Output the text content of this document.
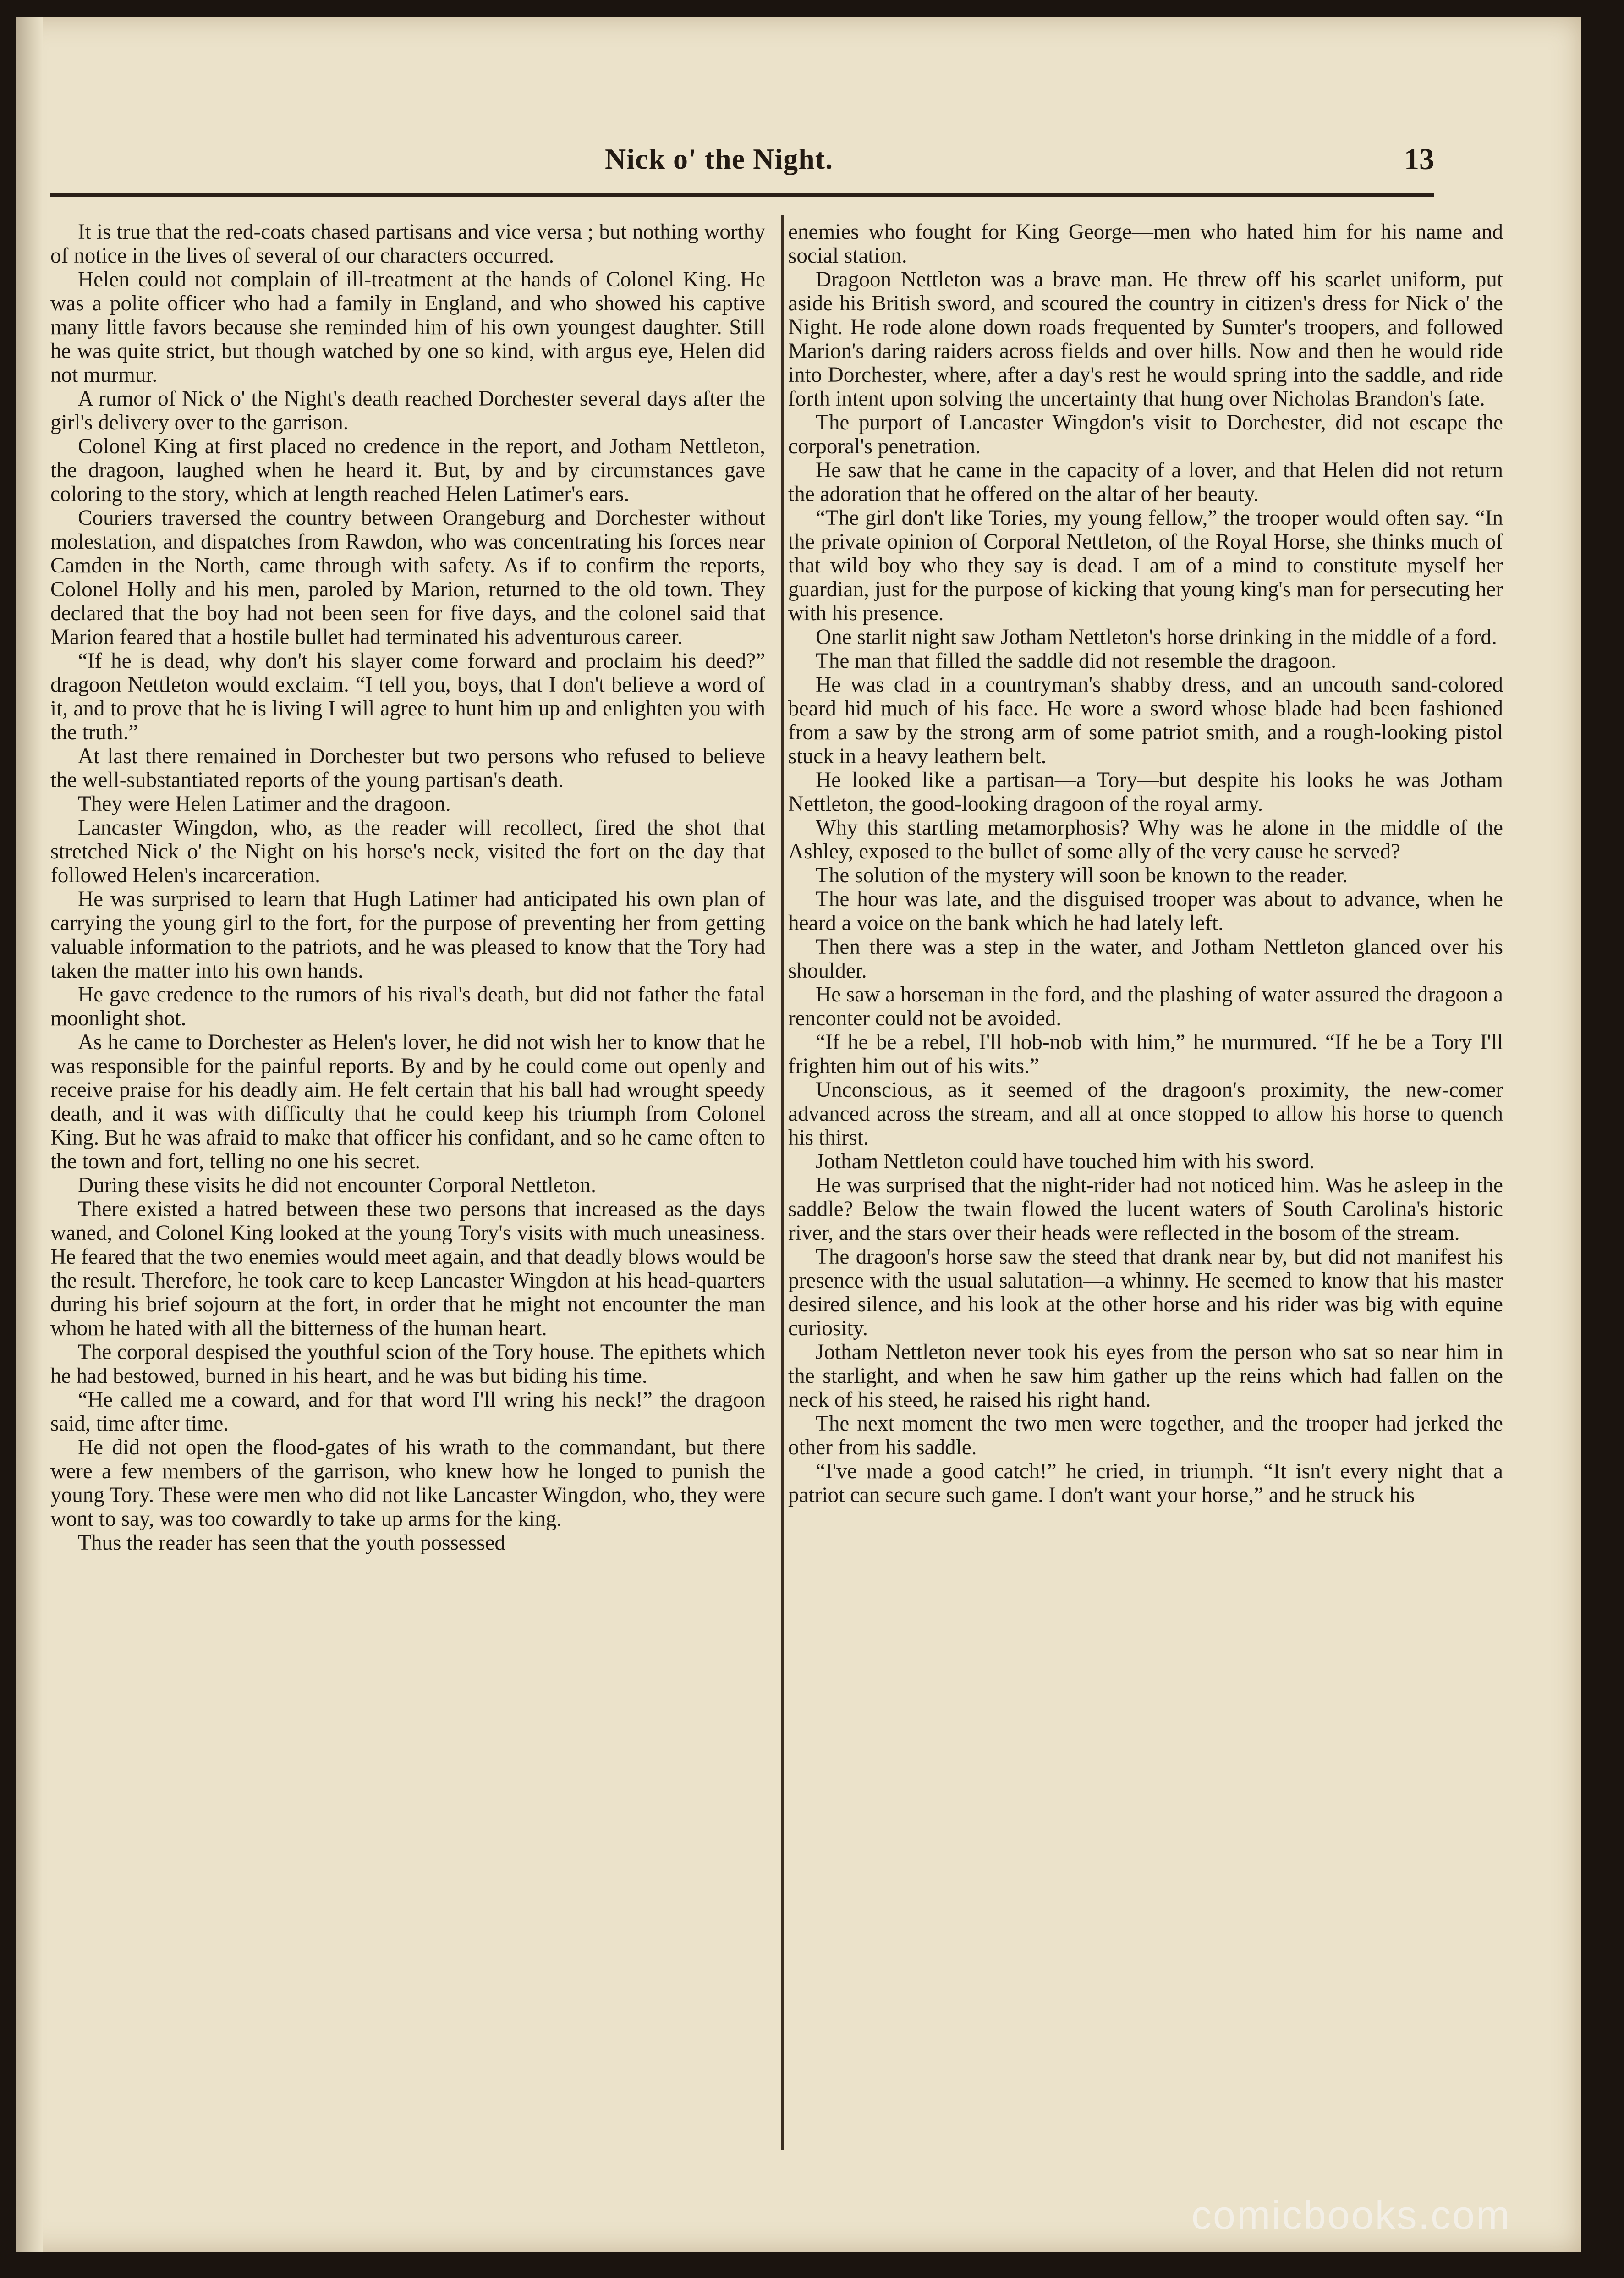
Nick o' the Night.	13

It is true that the red-coats chased partisans and vice versa ; but nothing worthy of notice in the lives of several of our characters occurred.

Helen could not complain of ill-treatment at the hands of Colonel King. He was a polite officer who had a family in England, and who showed his captive many little favors because she reminded him of his own youngest daughter. Still he was quite strict, but though watched by one so kind, with argus eye, Helen did not murmur.

A rumor of Nick o' the Night's death reached Dorchester several days after the girl's delivery over to the garrison.

Colonel King at first placed no credence in the report, and Jotham Nettleton, the dragoon, laughed when he heard it. But, by and by circumstances gave coloring to the story, which at length reached Helen Latimer's ears.

Couriers traversed the country between Orangeburg and Dorchester without molestation, and dispatches from Rawdon, who was concentrating his forces near Camden in the North, came through with safety. As if to confirm the reports, Colonel Holly and his men, paroled by Marion, returned to the old town. They declared that the boy had not been seen for five days, and the colonel said that Marion feared that a hostile bullet had terminated his adventurous career.

“If he is dead, why don't his slayer come forward and proclaim his deed?” dragoon Nettleton would exclaim. “I tell you, boys, that I don't believe a word of it, and to prove that he is living I will agree to hunt him up and enlighten you with the truth.”

At last there remained in Dorchester but two persons who refused to believe the well-substantiated reports of the young partisan's death.

They were Helen Latimer and the dragoon.

Lancaster Wingdon, who, as the reader will recollect, fired the shot that stretched Nick o' the Night on his horse's neck, visited the fort on the day that followed Helen's incarceration.

He was surprised to learn that Hugh Latimer had anticipated his own plan of carrying the young girl to the fort, for the purpose of preventing her from getting valuable information to the patriots, and he was pleased to know that the Tory had taken the matter into his own hands.

He gave credence to the rumors of his rival's death, but did not father the fatal moonlight shot.

As he came to Dorchester as Helen's lover, he did not wish her to know that he was responsible for the painful reports. By and by he could come out openly and receive praise for his deadly aim. He felt certain that his ball had wrought speedy death, and it was with difficulty that he could keep his triumph from Colonel King. But he was afraid to make that officer his confidant, and so he came often to the town and fort, telling no one his secret.

During these visits he did not encounter Corporal Nettleton.

There existed a hatred between these two persons that increased as the days waned, and Colonel King looked at the young Tory's visits with much uneasiness. He feared that the two enemies would meet again, and that deadly blows would be the result. Therefore, he took care to keep Lancaster Wingdon at his head-quarters during his brief sojourn at the fort, in order that he might not encounter the man whom he hated with all the bitterness of the human heart.

The corporal despised the youthful scion of the Tory house. The epithets which he had bestowed, burned in his heart, and he was but biding his time.

“He called me a coward, and for that word I'll wring his neck!” the dragoon said, time after time.

He did not open the flood-gates of his wrath to the commandant, but there were a few members of the garrison, who knew how he longed to punish the young Tory. These were men who did not like Lancaster Wingdon, who, they were wont to say, was too cowardly to take up arms for the king.

Thus the reader has seen that the youth possessed

enemies who fought for King George—men who hated him for his name and social station.

Dragoon Nettleton was a brave man. He threw off his scarlet uniform, put aside his British sword, and scoured the country in citizen's dress for Nick o' the Night. He rode alone down roads frequented by Sumter's troopers, and followed Marion's daring raiders across fields and over hills. Now and then he would ride into Dorchester, where, after a day's rest he would spring into the saddle, and ride forth intent upon solving the uncertainty that hung over Nicholas Brandon's fate.

The purport of Lancaster Wingdon's visit to Dorchester, did not escape the corporal's penetration.

He saw that he came in the capacity of a lover, and that Helen did not return the adoration that he offered on the altar of her beauty.

“The girl don't like Tories, my young fellow,” the trooper would often say. “In the private opinion of Corporal Nettleton, of the Royal Horse, she thinks much of that wild boy who they say is dead. I am of a mind to constitute myself her guardian, just for the purpose of kicking that young king's man for persecuting her with his presence.

One starlit night saw Jotham Nettleton's horse drinking in the middle of a ford.

The man that filled the saddle did not resemble the dragoon.

He was clad in a countryman's shabby dress, and an uncouth sand-colored beard hid much of his face. He wore a sword whose blade had been fashioned from a saw by the strong arm of some patriot smith, and a rough-looking pistol stuck in a heavy leathern belt.

He looked like a partisan—a Tory—but despite his looks he was Jotham Nettleton, the good-looking dragoon of the royal army.

Why this startling metamorphosis? Why was he alone in the middle of the Ashley, exposed to the bullet of some ally of the very cause he served?

The solution of the mystery will soon be known to the reader.

The hour was late, and the disguised trooper was about to advance, when he heard a voice on the bank which he had lately left.

Then there was a step in the water, and Jotham Nettleton glanced over his shoulder.

He saw a horseman in the ford, and the plashing of water assured the dragoon a renconter could not be avoided.

“If he be a rebel, I'll hob-nob with him,” he murmured. “If he be a Tory I'll frighten him out of his wits.”

Unconscious, as it seemed of the dragoon's proximity, the new-comer advanced across the stream, and all at once stopped to allow his horse to quench his thirst.

Jotham Nettleton could have touched him with his sword.

He was surprised that the night-rider had not noticed him. Was he asleep in the saddle? Below the twain flowed the lucent waters of South Carolina's historic river, and the stars over their heads were reflected in the bosom of the stream.

The dragoon's horse saw the steed that drank near by, but did not manifest his presence with the usual salutation—a whinny. He seemed to know that his master desired silence, and his look at the other horse and his rider was big with equine curiosity.

Jotham Nettleton never took his eyes from the person who sat so near him in the starlight, and when he saw him gather up the reins which had fallen on the neck of his steed, he raised his right hand.

The next moment the two men were together, and the trooper had jerked the other from his saddle.

“I've made a good catch!” he cried, in triumph. “It isn't every night that a patriot can secure such game. I don't want your horse,” and he struck his

comicbooks.com
